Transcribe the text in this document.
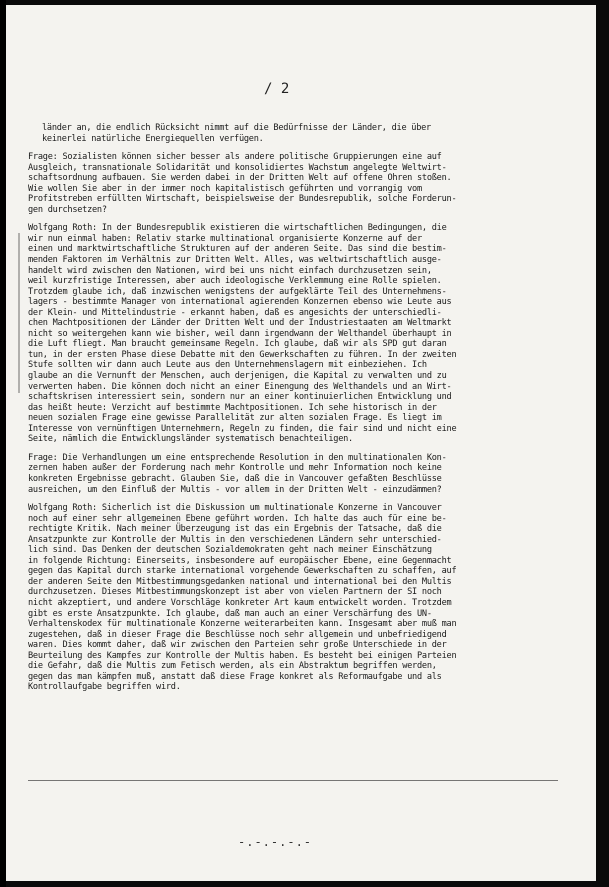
/ 2
länder an, die endlich Rücksicht nimmt auf die Bedürfnisse der Länder, die über
keinerlei natürliche Energiequellen verfügen.
Frage: Sozialisten können sicher besser als andere politische Gruppierungen eine auf
Ausgleich, transnationale Solidarität und konsolidiertes Wachstum angelegte Weltwirt-
schaftsordnung aufbauen. Sie werden dabei in der Dritten Welt auf offene Ohren stoßen.
Wie wollen Sie aber in der immer noch kapitalistisch geführten und vorrangig vom
Profitstreben erfüllten Wirtschaft, beispielsweise der Bundesrepublik, solche Forderun-
gen durchsetzen?
Wolfgang Roth: In der Bundesrepublik existieren die wirtschaftlichen Bedingungen, die
wir nun einmal haben: Relativ starke multinational organisierte Konzerne auf der
einen und marktwirtschaftliche Strukturen auf der anderen Seite. Das sind die bestim-
menden Faktoren im Verhältnis zur Dritten Welt. Alles, was weltwirtschaftlich ausge-
handelt wird zwischen den Nationen, wird bei uns nicht einfach durchzusetzen sein,
weil kurzfristige Interessen, aber auch ideologische Verklemmung eine Rolle spielen.
Trotzdem glaube ich, daß inzwischen wenigstens der aufgeklärte Teil des Unternehmens-
lagers - bestimmte Manager von international agierenden Konzernen ebenso wie Leute aus
der Klein- und Mittelindustrie - erkannt haben, daß es angesichts der unterschiedli-
chen Machtpositionen der Länder der Dritten Welt und der Industriestaaten am Weltmarkt
nicht so weitergehen kann wie bisher, weil dann irgendwann der Welthandel überhaupt in
die Luft fliegt. Man braucht gemeinsame Regeln. Ich glaube, daß wir als SPD gut daran
tun, in der ersten Phase diese Debatte mit den Gewerkschaften zu führen. In der zweiten
Stufe sollten wir dann auch Leute aus den Unternehmenslagern mit einbeziehen. Ich
glaube an die Vernunft der Menschen, auch derjenigen, die Kapital zu verwalten und zu
verwerten haben. Die können doch nicht an einer Einengung des Welthandels und an Wirt-
schaftskrisen interessiert sein, sondern nur an einer kontinuierlichen Entwicklung und
das heißt heute: Verzicht auf bestimmte Machtpositionen. Ich sehe historisch in der
neuen sozialen Frage eine gewisse Parallelität zur alten sozialen Frage. Es liegt im
Interesse von vernünftigen Unternehmern, Regeln zu finden, die fair sind und nicht eine
Seite, nämlich die Entwicklungsländer systematisch benachteiligen.
Frage: Die Verhandlungen um eine entsprechende Resolution in den multinationalen Kon-
zernen haben außer der Forderung nach mehr Kontrolle und mehr Information noch keine
konkreten Ergebnisse gebracht. Glauben Sie, daß die in Vancouver gefaßten Beschlüsse
ausreichen, um den Einfluß der Multis - vor allem in der Dritten Welt - einzudämmen?
Wolfgang Roth: Sicherlich ist die Diskussion um multinationale Konzerne in Vancouver
noch auf einer sehr allgemeinen Ebene geführt worden. Ich halte das auch für eine be-
rechtigte Kritik. Nach meiner Überzeugung ist das ein Ergebnis der Tatsache, daß die
Ansatzpunkte zur Kontrolle der Multis in den verschiedenen Ländern sehr unterschied-
lich sind. Das Denken der deutschen Sozialdemokraten geht nach meiner Einschätzung
in folgende Richtung: Einerseits, insbesondere auf europäischer Ebene, eine Gegenmacht
gegen das Kapital durch starke international vorgehende Gewerkschaften zu schaffen, auf
der anderen Seite den Mitbestimmungsgedanken national und international bei den Multis
durchzusetzen. Dieses Mitbestimmungskonzept ist aber von vielen Partnern der SI noch
nicht akzeptiert, und andere Vorschläge konkreter Art kaum entwickelt worden. Trotzdem
gibt es erste Ansatzpunkte. Ich glaube, daß man auch an einer Verschärfung des UN-
Verhaltenskodex für multinationale Konzerne weiterarbeiten kann. Insgesamt aber muß man
zugestehen, daß in dieser Frage die Beschlüsse noch sehr allgemein und unbefriedigend
waren. Dies kommt daher, daß wir zwischen den Parteien sehr große Unterschiede in der
Beurteilung des Kampfes zur Kontrolle der Multis haben. Es besteht bei einigen Parteien
die Gefahr, daß die Multis zum Fetisch werden, als ein Abstraktum begriffen werden,
gegen das man kämpfen muß, anstatt daß diese Frage konkret als Reformaufgabe und als
Kontrollaufgabe begriffen wird.
-.-.-.-.-
